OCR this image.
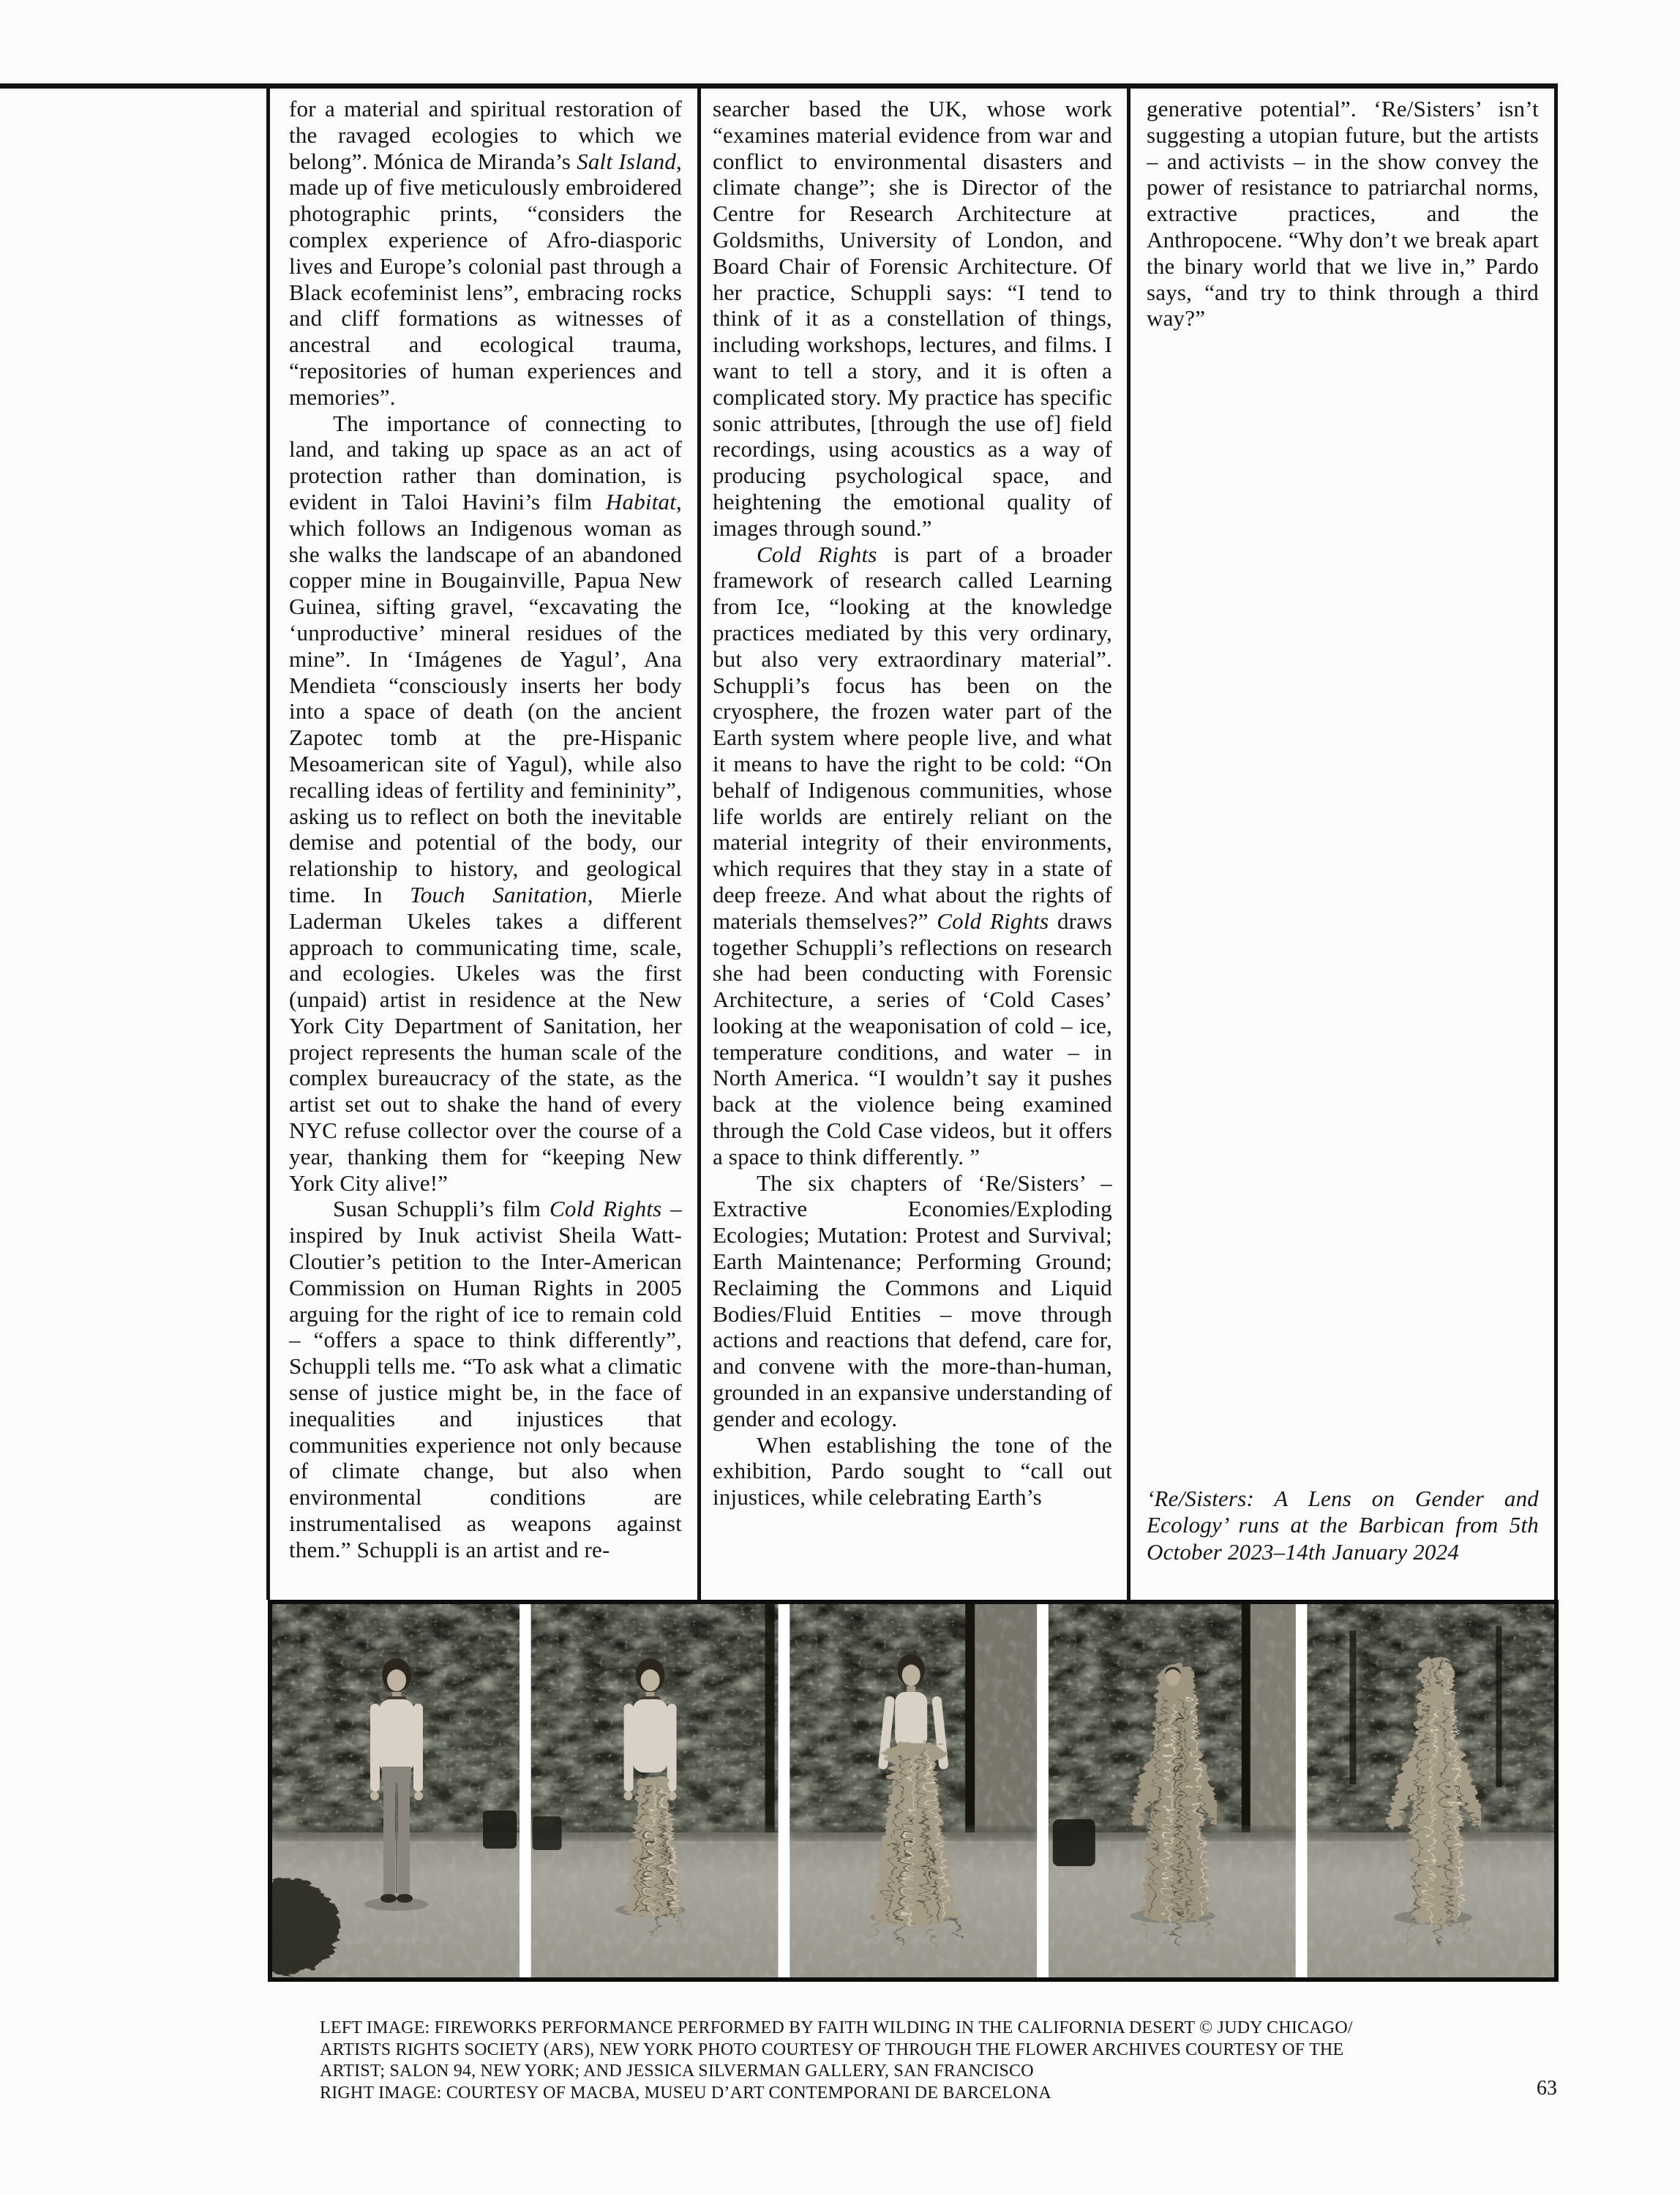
for a material and spiritual restoration of the ravaged ecologies to which we belong”. Mónica de Miranda’s Salt Island, made up of five meticulously embroidered photographic prints, “considers the complex experience of Afro-diasporic lives and Europe’s colonial past through a Black ecofeminist lens”, embracing rocks and cliff formations as witnesses of ancestral and ecological trauma, “repositories of human experiences and memories”.

The importance of connecting to land, and taking up space as an act of protection rather than domination, is evident in Taloi Havini’s film Habitat, which follows an Indigenous woman as she walks the landscape of an abandoned copper mine in Bougainville, Papua New Guinea, sifting gravel, “excavating the ‘unproductive’ mineral residues of the mine”. In ‘Imágenes de Yagul’, Ana Mendieta “consciously inserts her body into a space of death (on the ancient Zapotec tomb at the pre-Hispanic Mesoamerican site of Yagul), while also recalling ideas of fertility and femininity”, asking us to reflect on both the inevitable demise and potential of the body, our relationship to history, and geological time. In Touch Sanitation, Mierle Laderman Ukeles takes a different approach to communicating time, scale, and ecologies. Ukeles was the first (unpaid) artist in residence at the New York City Department of Sanitation, her project represents the human scale of the complex bureaucracy of the state, as the artist set out to shake the hand of every NYC refuse collector over the course of a year, thanking them for “keeping New York City alive!”

Susan Schuppli’s film Cold Rights – inspired by Inuk activist Sheila Watt-Cloutier’s petition to the Inter-American Commission on Human Rights in 2005 arguing for the right of ice to remain cold – “offers a space to think differently”, Schuppli tells me. “To ask what a climatic sense of justice might be, in the face of inequalities and injustices that communities experience not only because of climate change, but also when environmental conditions are instrumentalised as weapons against them.” Schuppli is an artist and re-

searcher based the UK, whose work “examines material evidence from war and conflict to environmental disasters and climate change”; she is Director of the Centre for Research Architecture at Goldsmiths, University of London, and Board Chair of Forensic Architecture. Of her practice, Schuppli says: “I tend to think of it as a constellation of things, including workshops, lectures, and films. I want to tell a story, and it is often a complicated story. My practice has specific sonic attributes, [through the use of] field recordings, using acoustics as a way of producing psychological space, and heightening the emotional quality of images through sound.”

Cold Rights is part of a broader framework of research called Learning from Ice, “looking at the knowledge practices mediated by this very ordinary, but also very extraordinary material”. Schuppli’s focus has been on the cryosphere, the frozen water part of the Earth system where people live, and what it means to have the right to be cold: “On behalf of Indigenous communities, whose life worlds are entirely reliant on the material integrity of their environments, which requires that they stay in a state of deep freeze. And what about the rights of materials themselves?” Cold Rights draws together Schuppli’s reflections on research she had been conducting with Forensic Architecture, a series of ‘Cold Cases’ looking at the weaponisation of cold – ice, temperature conditions, and water – in North America. “I wouldn’t say it pushes back at the violence being examined through the Cold Case videos, but it offers a space to think differently. ”

The six chapters of ‘Re/Sisters’ – Extractive Economies/Exploding Ecologies; Mutation: Protest and Survival; Earth Maintenance; Performing Ground; Reclaiming the Commons and Liquid Bodies/Fluid Entities – move through actions and reactions that defend, care for, and convene with the more-than-human, grounded in an expansive understanding of gender and ecology.

When establishing the tone of the exhibition, Pardo sought to “call out injustices, while celebrating Earth’s

generative potential”. ‘Re/Sisters’ isn’t suggesting a utopian future, but the artists – and activists – in the show convey the power of resistance to patriarchal norms, extractive practices, and the Anthropocene. “Why don’t we break apart the binary world that we live in,” Pardo says, “and try to think through a third way?”

‘Re/Sisters: A Lens on Gender and Ecology’ runs at the Barbican from 5th October 2023–14th January 2024
LEFT IMAGE: FIREWORKS PERFORMANCE PERFORMED BY FAITH WILDING IN THE CALIFORNIA DESERT © JUDY CHICAGO/
ARTISTS RIGHTS SOCIETY (ARS), NEW YORK PHOTO COURTESY OF THROUGH THE FLOWER ARCHIVES COURTESY OF THE
ARTIST; SALON 94, NEW YORK; AND JESSICA SILVERMAN GALLERY, SAN FRANCISCO
RIGHT IMAGE: COURTESY OF MACBA, MUSEU D’ART CONTEMPORANI DE BARCELONA	63
